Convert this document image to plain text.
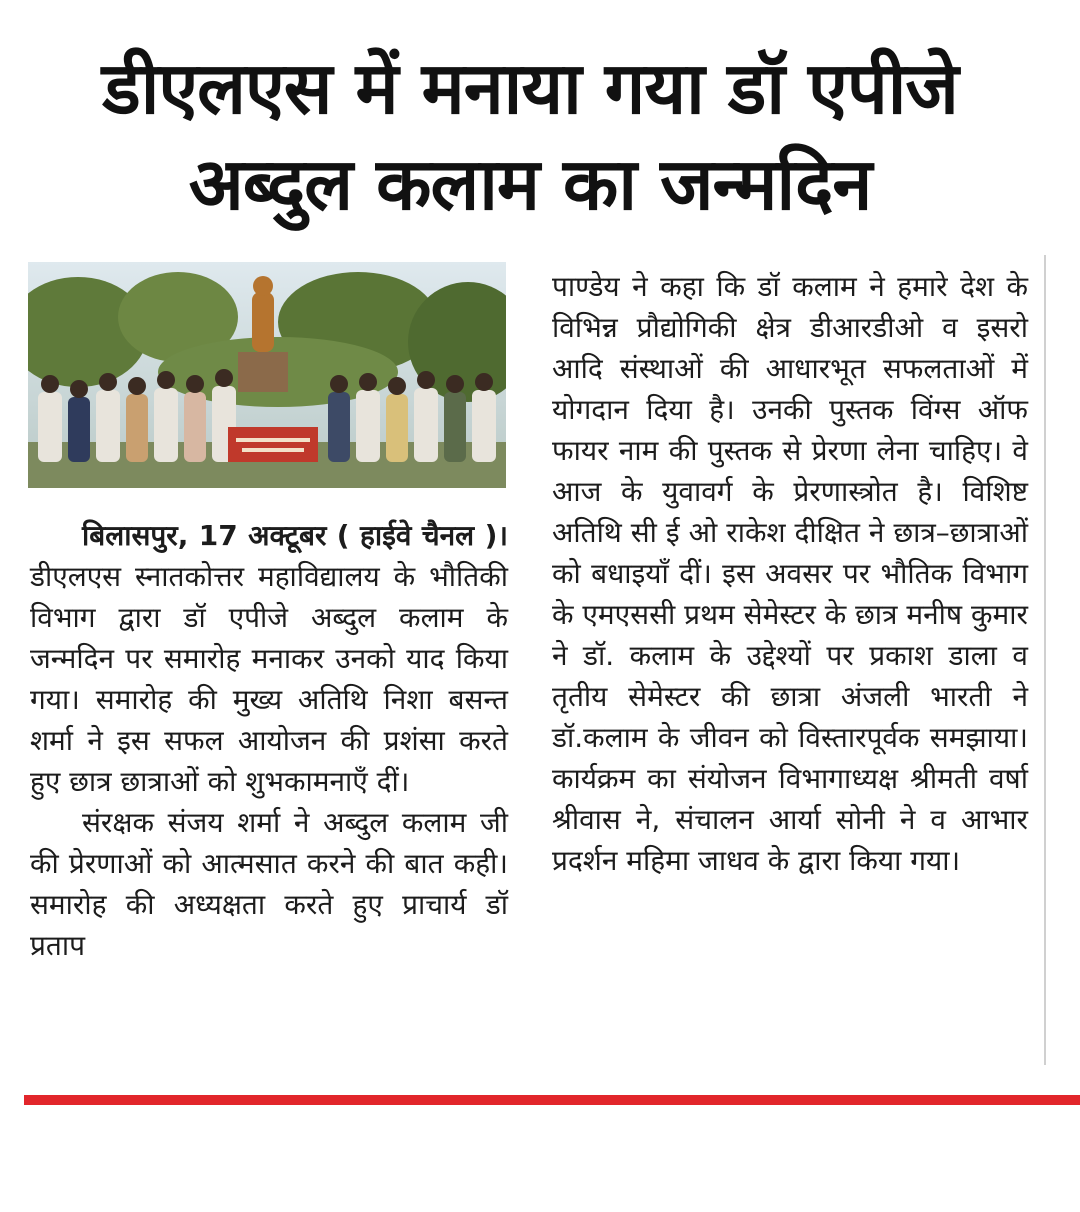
डीएलएस में मनाया गया डॉ एपीजे अब्दुल कलाम का जन्मदिन

बिलासपुर, 17 अक्टूबर ( हाईवे चैनल )। डीएलएस स्नातकोत्तर महाविद्यालय के भौतिकी विभाग द्वारा डॉ एपीजे अब्दुल कलाम के जन्मदिन पर समारोह मनाकर उनको याद किया गया। समारोह की मुख्य अतिथि निशा बसन्त शर्मा ने इस सफल आयोजन की प्रशंसा करते हुए छात्र छात्राओं को शुभकामनाएँ दीं।

संरक्षक संजय शर्मा ने अब्दुल कलाम जी की प्रेरणाओं को आत्मसात करने की बात कही।समारोह की अध्यक्षता करते हुए प्राचार्य डॉ प्रताप

पाण्डेय ने कहा कि डॉ कलाम ने हमारे देश के विभिन्न प्रौद्योगिकी क्षेत्र डीआरडीओ व इसरो आदि संस्थाओं की आधारभूत सफलताओं में योगदान दिया है। उनकी पुस्तक विंग्स ऑफ फायर नाम की पुस्तक से प्रेरणा लेना चाहिए। वे आज के युवावर्ग के प्रेरणास्त्रोत है। विशिष्ट अतिथि सी ई ओ राकेश दीक्षित ने छात्र–छात्राओं को बधाइयाँ दीं। इस अवसर पर भौतिक विभाग के एमएससी प्रथम सेमेस्टर के छात्र मनीष कुमार ने डॉ. कलाम के उद्देश्यों पर प्रकाश डाला व तृतीय सेमेस्टर की छात्रा अंजली भारती ने डॉ.कलाम के जीवन को विस्तारपूर्वक समझाया। कार्यक्रम का संयोजन विभागाध्यक्ष श्रीमती वर्षा श्रीवास ने, संचालन आर्या सोनी ने व आभार प्रदर्शन महिमा जाधव के द्वारा किया गया।
